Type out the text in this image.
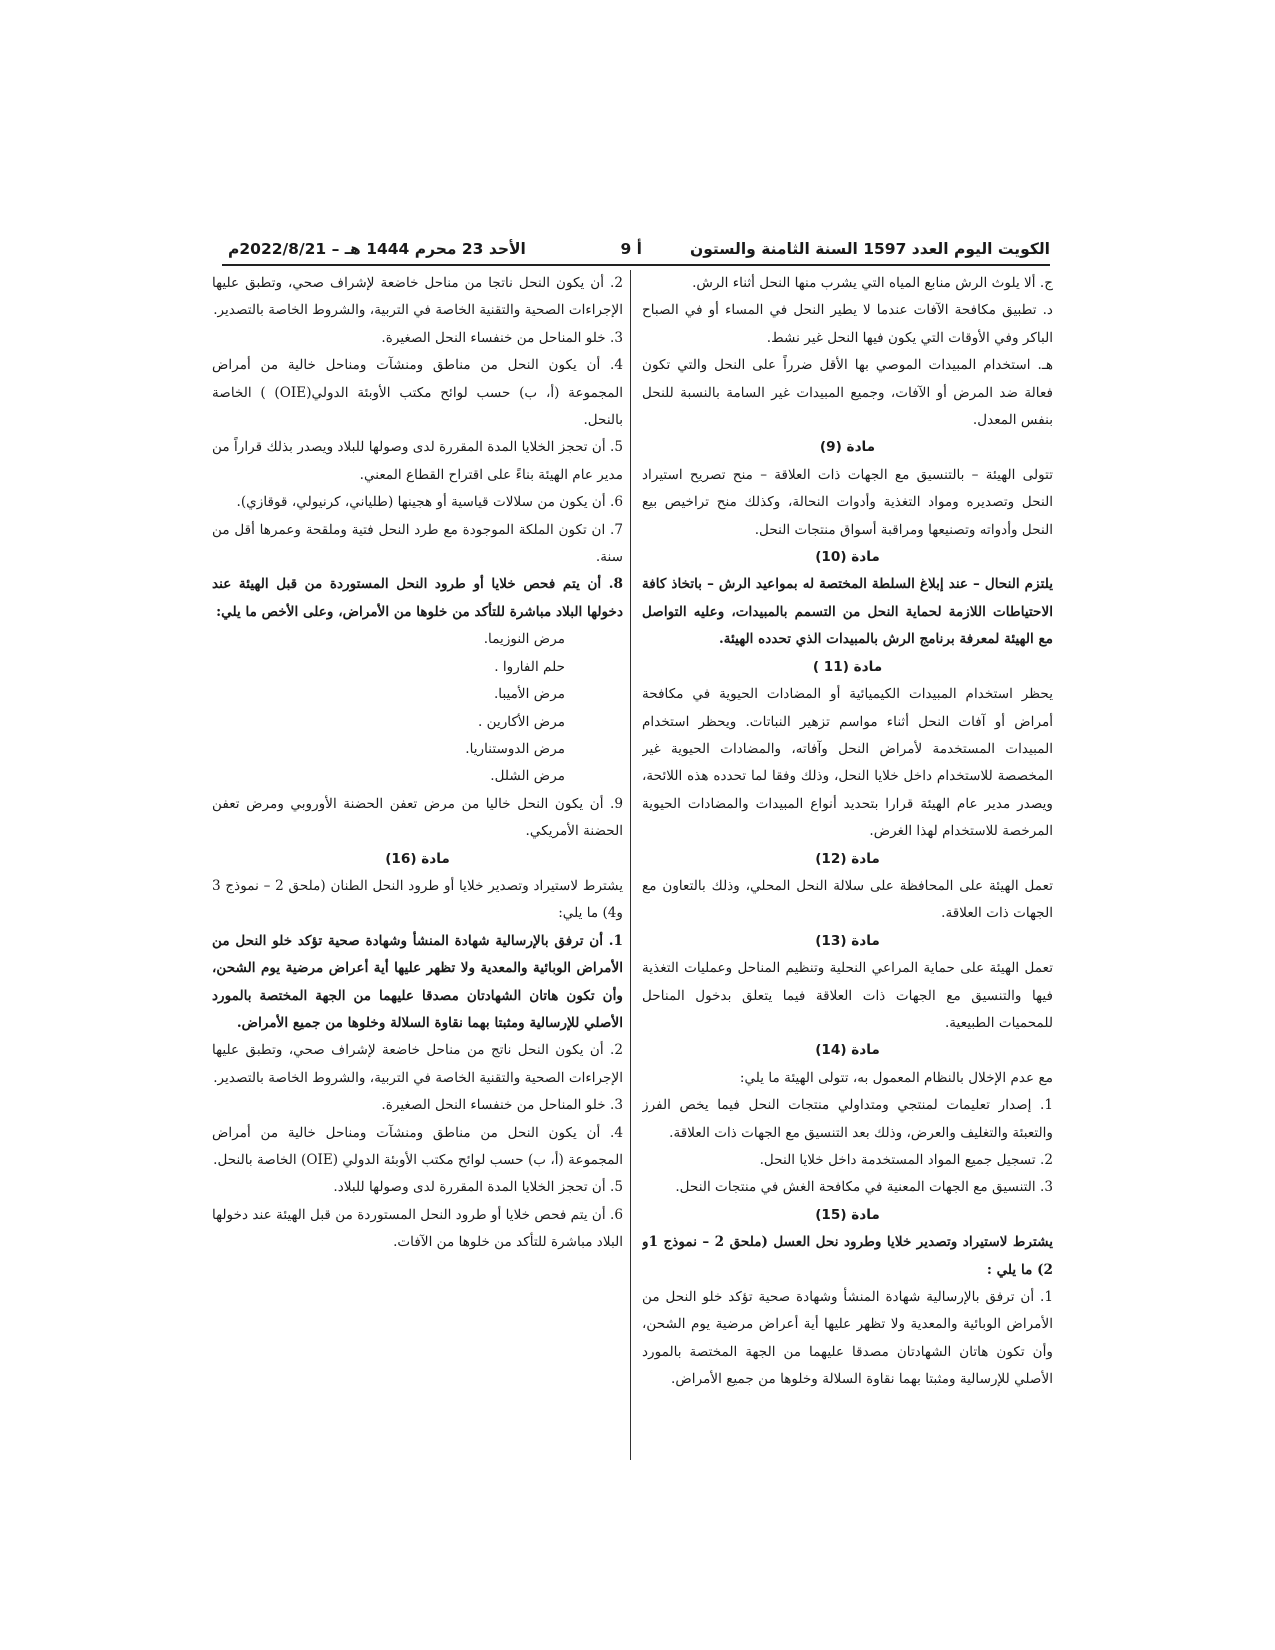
الكويت اليوم العدد 1597 السنة الثامنة والستون
أ 9
الأحد 23 محرم 1444 هـ – 2022/8/21م

ج. ألا يلوث الرش منابع المياه التي يشرب منها النحل أثناء الرش.

د. تطبيق مكافحة الآفات عندما لا يطير النحل في المساء أو في الصباح الباكر وفي الأوقات التي يكون فيها النحل غير نشط.

هـ. استخدام المبيدات الموصي بها الأقل ضرراً على النحل والتي تكون فعالة ضد المرض أو الآفات، وجميع المبيدات غير السامة بالنسبة للنحل بنفس المعدل.

مادة (9)

تتولى الهيئة – بالتنسيق مع الجهات ذات العلاقة – منح تصريح استيراد النحل وتصديره ومواد التغذية وأدوات النحالة، وكذلك منح تراخيص بيع النحل وأدواته وتصنيعها ومراقبة أسواق منتجات النحل.

مادة (10)

يلتزم النحال – عند إبلاغ السلطة المختصة له بمواعيد الرش – باتخاذ كافة الاحتياطات اللازمة لحماية النحل من التسمم بالمبيدات، وعليه التواصل مع الهيئة لمعرفة برنامج الرش بالمبيدات الذي تحدده الهيئة.

مادة (11 )

يحظر استخدام المبيدات الكيميائية أو المضادات الحيوية في مكافحة أمراض أو آفات النحل أثناء مواسم تزهير النباتات. ويحظر استخدام المبيدات المستخدمة لأمراض النحل وآفاته، والمضادات الحيوية غير المخصصة للاستخدام داخل خلايا النحل، وذلك وفقا لما تحدده هذه اللائحة، ويصدر مدير عام الهيئة قرارا بتحديد أنواع المبيدات والمضادات الحيوية المرخصة للاستخدام لهذا الغرض.

مادة (12)

تعمل الهيئة على المحافظة على سلالة النحل المحلي، وذلك بالتعاون مع الجهات ذات العلاقة.

مادة (13)

تعمل الهيئة على حماية المراعي النحلية وتنظيم المناحل وعمليات التغذية فيها والتنسيق مع الجهات ذات العلاقة فيما يتعلق بدخول المناحل للمحميات الطبيعية.

مادة (14)

مع عدم الإخلال بالنظام المعمول به، تتولى الهيئة ما يلي:

1. إصدار تعليمات لمنتجي ومتداولي منتجات النحل فيما يخص الفرز والتعبئة والتغليف والعرض، وذلك بعد التنسيق مع الجهات ذات العلاقة.

2. تسجيل جميع المواد المستخدمة داخل خلايا النحل.

3. التنسيق مع الجهات المعنية في مكافحة الغش في منتجات النحل.

مادة (15)

يشترط لاستيراد وتصدير خلايا وطرود نحل العسل (ملحق 2 – نموذج 1و 2) ما يلي :

1. أن ترفق بالإرسالية شهادة المنشأ وشهادة صحية تؤكد خلو النحل من الأمراض الوبائية والمعدية ولا تظهر عليها أية أعراض مرضية يوم الشحن، وأن تكون هاتان الشهادتان مصدقا عليهما من الجهة المختصة بالمورد الأصلي للإرسالية ومثبتا بهما نقاوة السلالة وخلوها من جميع الأمراض.

2. أن يكون النحل ناتجا من مناحل خاضعة لإشراف صحي، وتطبق عليها الإجراءات الصحية والتقنية الخاصة في التربية، والشروط الخاصة بالتصدير.

3. خلو المناحل من خنفساء النحل الصغيرة.

4. أن يكون النحل من مناطق ومنشآت ومناحل خالية من أمراض المجموعة (أ، ب) حسب لوائح مكتب الأوبئة الدولي(OIE) ) الخاصة بالنحل.

5. أن تحجز الخلايا المدة المقررة لدى وصولها للبلاد ويصدر بذلك قراراً من مدير عام الهيئة بناءً على اقتراح القطاع المعني.

6. أن يكون من سلالات قياسية أو هجينها (طلياني، كرنيولي، قوقازي).

7. ان تكون الملكة الموجودة مع طرد النحل فتية وملقحة وعمرها أقل من سنة.

8. أن يتم فحص خلايا أو طرود النحل المستوردة من قبل الهيئة عند دخولها البلاد مباشرة للتأكد من خلوها من الأمراض، وعلى الأخص ما يلي:

مرض النوزيما.
حلم الفاروا .
مرض الأميبا.
مرض الأكارين .
مرض الدوستناريا.
مرض الشلل.

9. أن يكون النحل خاليا من مرض تعفن الحضنة الأوروبي ومرض تعفن الحضنة الأمريكي.

مادة (16)

يشترط لاستيراد وتصدير خلايا أو طرود النحل الطنان (ملحق 2 – نموذج 3 و4) ما يلي:

1. أن ترفق بالإرسالية شهادة المنشأ وشهادة صحية تؤكد خلو النحل من الأمراض الوبائية والمعدية ولا تظهر عليها أية أعراض مرضية يوم الشحن، وأن تكون هاتان الشهادتان مصدقا عليهما من الجهة المختصة بالمورد الأصلي للإرسالية ومثبتا بهما نقاوة السلالة وخلوها من جميع الأمراض.

2. أن يكون النحل ناتج من مناحل خاضعة لإشراف صحي، وتطبق عليها الإجراءات الصحية والتقنية الخاصة في التربية، والشروط الخاصة بالتصدير.

3. خلو المناحل من خنفساء النحل الصغيرة.

4. أن يكون النحل من مناطق ومنشآت ومناحل خالية من أمراض المجموعة (أ، ب) حسب لوائح مكتب الأوبئة الدولي (OIE) الخاصة بالنحل.

5. أن تحجز الخلايا المدة المقررة لدى وصولها للبلاد.

6. أن يتم فحص خلايا أو طرود النحل المستوردة من قبل الهيئة عند دخولها البلاد مباشرة للتأكد من خلوها من الآفات.
